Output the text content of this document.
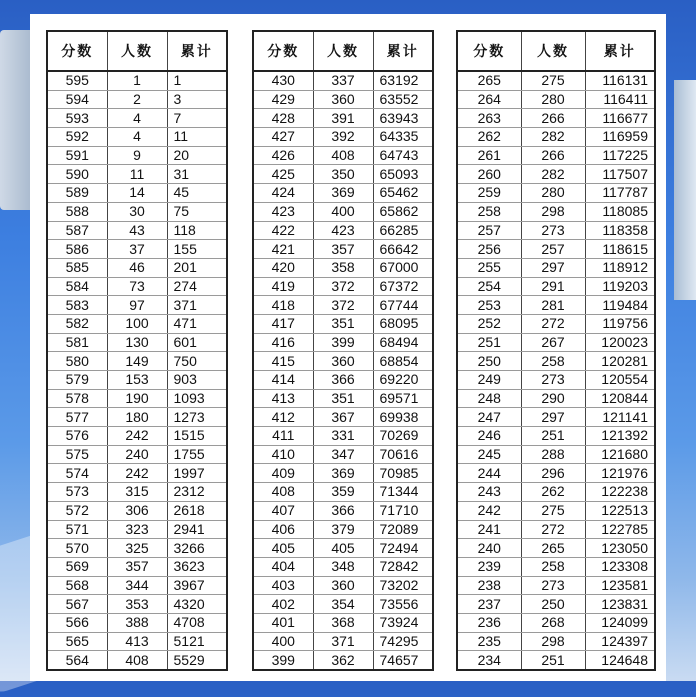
分数	人数	累计
595	1	1
594	2	3
593	4	7
592	4	11
591	9	20
590	11	31
589	14	45
588	30	75
587	43	118
586	37	155
585	46	201
584	73	274
583	97	371
582	100	471
581	130	601
580	149	750
579	153	903
578	190	1093
577	180	1273
576	242	1515
575	240	1755
574	242	1997
573	315	2312
572	306	2618
571	323	2941
570	325	3266
569	357	3623
568	344	3967
567	353	4320
566	388	4708
565	413	5121
564	408	5529
分数	人数	累计
430	337	63192
429	360	63552
428	391	63943
427	392	64335
426	408	64743
425	350	65093
424	369	65462
423	400	65862
422	423	66285
421	357	66642
420	358	67000
419	372	67372
418	372	67744
417	351	68095
416	399	68494
415	360	68854
414	366	69220
413	351	69571
412	367	69938
411	331	70269
410	347	70616
409	369	70985
408	359	71344
407	366	71710
406	379	72089
405	405	72494
404	348	72842
403	360	73202
402	354	73556
401	368	73924
400	371	74295
399	362	74657
分数	人数	累计
265	275	116131
264	280	116411
263	266	116677
262	282	116959
261	266	117225
260	282	117507
259	280	117787
258	298	118085
257	273	118358
256	257	118615
255	297	118912
254	291	119203
253	281	119484
252	272	119756
251	267	120023
250	258	120281
249	273	120554
248	290	120844
247	297	121141
246	251	121392
245	288	121680
244	296	121976
243	262	122238
242	275	122513
241	272	122785
240	265	123050
239	258	123308
238	273	123581
237	250	123831
236	268	124099
235	298	124397
234	251	124648
